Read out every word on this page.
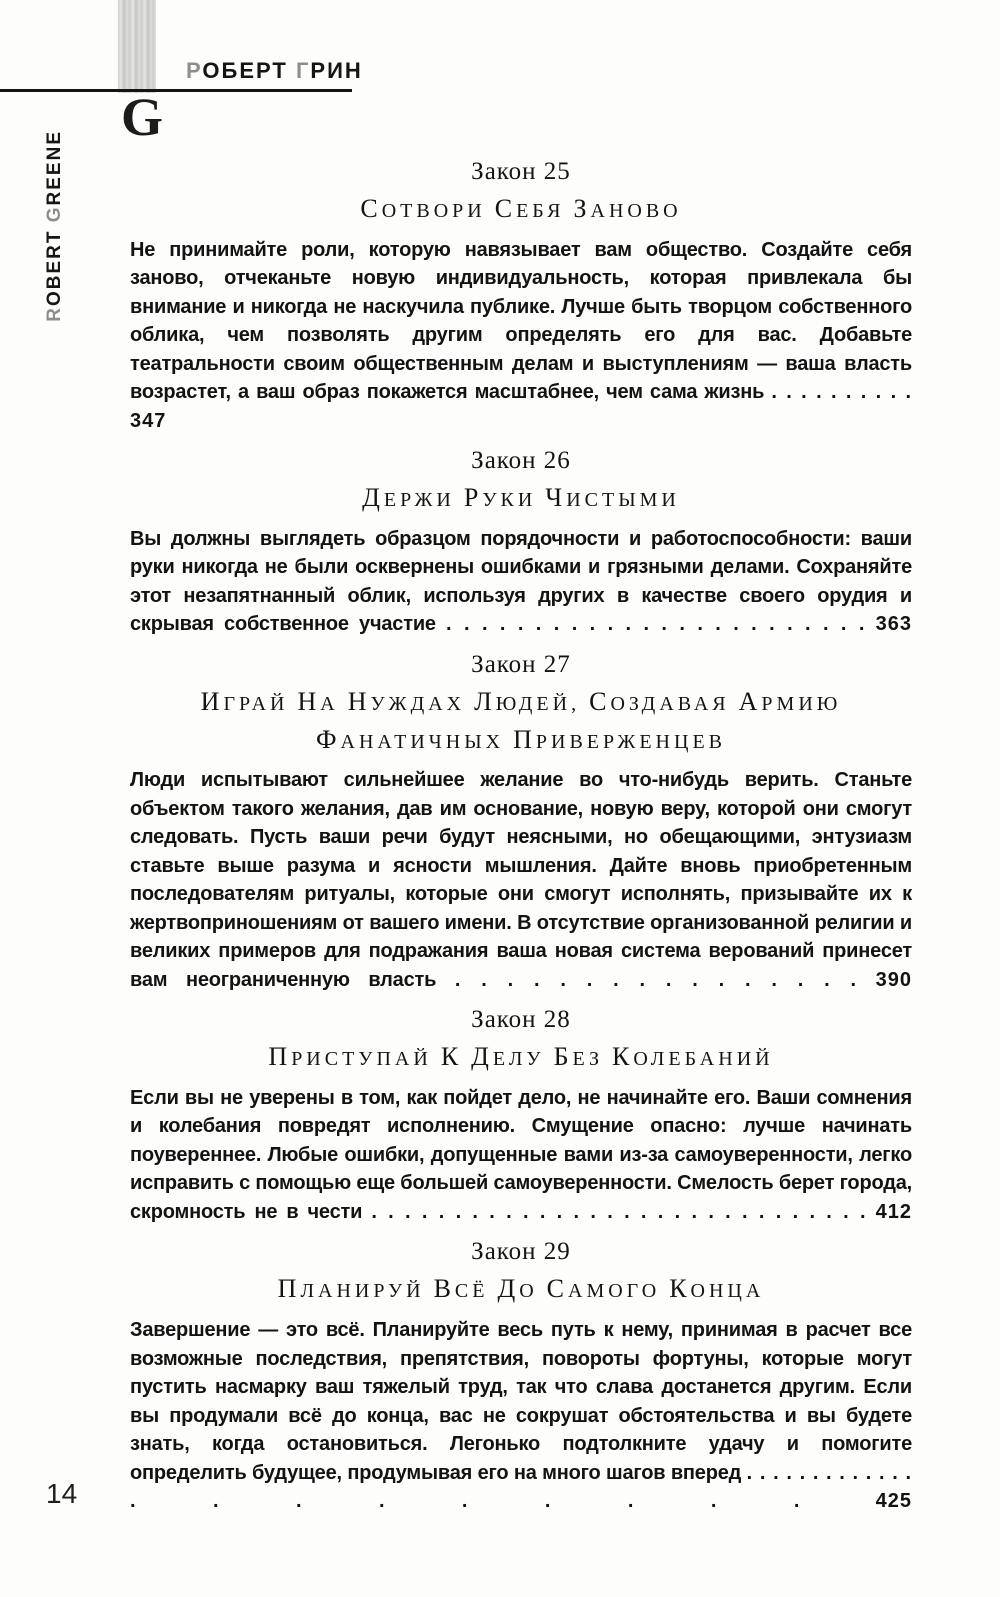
РОБЕРТ ГРИН
G
ROBERT GREENE	Закон 25
СОТВОРИ СЕБЯ ЗАНОВО

Не принимайте роли, которую навязывает вам общество. Создайте себя заново, отчеканьте новую индивидуальность, которая привлекала бы внимание и никогда не наскучила публике. Лучше быть творцом собственного облика, чем позволять другим определять его для вас. Добавьте театральности своим общественным делам и выступлениям — ваша власть возрастет, а ваш образ покажется масштабнее, чем сама жизнь . . . . . . . . . . 347

Закон 26
ДЕРЖИ РУКИ ЧИСТЫМИ

Вы должны выглядеть образцом порядочности и работоспособности: ваши руки никогда не были осквернены ошибками и грязными делами. Сохраняйте этот незапятнанный облик, используя других в качестве своего орудия и скрывая собственное участие . . . . . . . . . . . . . . . . . . . . . . . . 363

Закон 27
ИГРАЙ НА НУЖДАХ ЛЮДЕЙ, СОЗДАВАЯ АРМИЮ ФАНАТИЧНЫХ ПРИВЕРЖЕНЦЕВ

Люди испытывают сильнейшее желание во что-нибудь верить. Станьте объектом такого желания, дав им основание, новую веру, которой они смогут следовать. Пусть ваши речи будут неясными, но обещающими, энтузиазм ставьте выше разума и ясности мышления. Дайте вновь приобретенным последователям ритуалы, которые они смогут исполнять, призывайте их к жертвоприношениям от вашего имени. В отсутствие организованной религии и великих примеров для подражания ваша новая система верований принесет вам неограниченную власть . . . . . . . . . . . . . . . . 390

Закон 28
ПРИСТУПАЙ К ДЕЛУ БЕЗ КОЛЕБАНИЙ

Если вы не уверены в том, как пойдет дело, не начинайте его. Ваши сомнения и колебания повредят исполнению. Смущение опасно: лучше начинать поувереннее. Любые ошибки, допущенные вами из-за самоуверенности, легко исправить с помощью еще большей самоуверенности. Смелость берет города, скромность не в чести . . . . . . . . . . . . . . . . . . . . . . . . . . . . . . 412

Закон 29
ПЛАНИРУЙ ВСЁ ДО САМОГО КОНЦА

Завершение — это всё. Планируйте весь путь к нему, принимая в расчет все возможные последствия, препятствия, повороты фортуны, которые могут пустить насмарку ваш тяжелый труд, так что слава достанется другим. Если вы продумали всё до конца, вас не сокрушат обстоятельства и вы будете знать, когда остановиться. Легонько подтолкните удачу и помогите определить будущее, продумывая его на много шагов вперед . . . . . . . . . . . . . . . . . . . . . .	425

14
